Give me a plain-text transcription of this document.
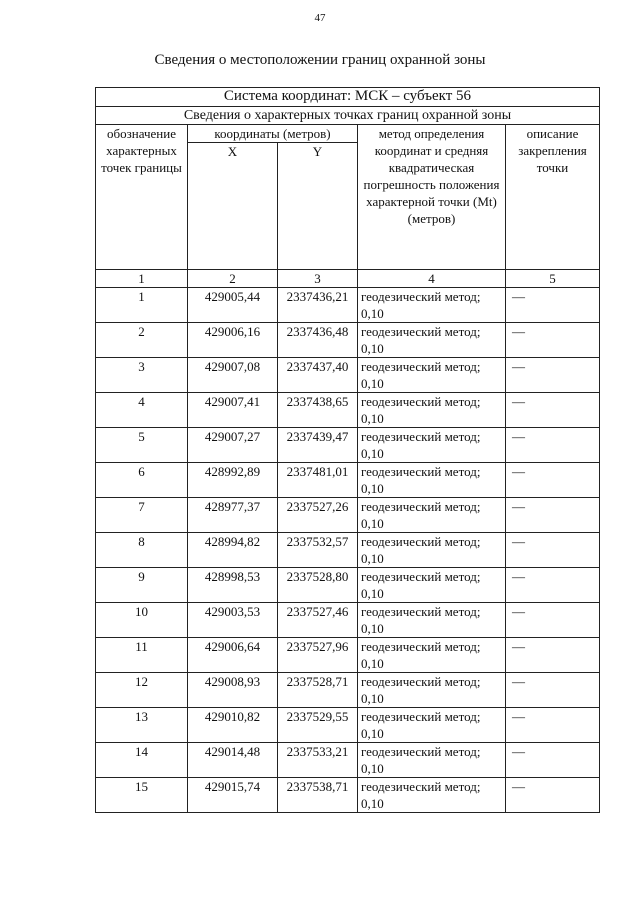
47
Сведения о местоположении границ охранной зоны
Система координат: МСК – субъект 56				
Сведения о характерных точках границ охранной зоны				
обозначение характерных точек границы	координаты (метров)		метод определения координат и средняя квадратическая погрешность положения характерной точки (Mt) (метров)	описание закрепления точки
	X	Y		
1	2	3	4	5
1	429005,44	2337436,21	геодезический метод; 0,10	—
2	429006,16	2337436,48	геодезический метод; 0,10	—
3	429007,08	2337437,40	геодезический метод; 0,10	—
4	429007,41	2337438,65	геодезический метод; 0,10	—
5	429007,27	2337439,47	геодезический метод; 0,10	—
6	428992,89	2337481,01	геодезический метод; 0,10	—
7	428977,37	2337527,26	геодезический метод; 0,10	—
8	428994,82	2337532,57	геодезический метод; 0,10	—
9	428998,53	2337528,80	геодезический метод; 0,10	—
10	429003,53	2337527,46	геодезический метод; 0,10	—
11	429006,64	2337527,96	геодезический метод; 0,10	—
12	429008,93	2337528,71	геодезический метод; 0,10	—
13	429010,82	2337529,55	геодезический метод; 0,10	—
14	429014,48	2337533,21	геодезический метод; 0,10	—
15	429015,74	2337538,71	геодезический метод; 0,10	—
